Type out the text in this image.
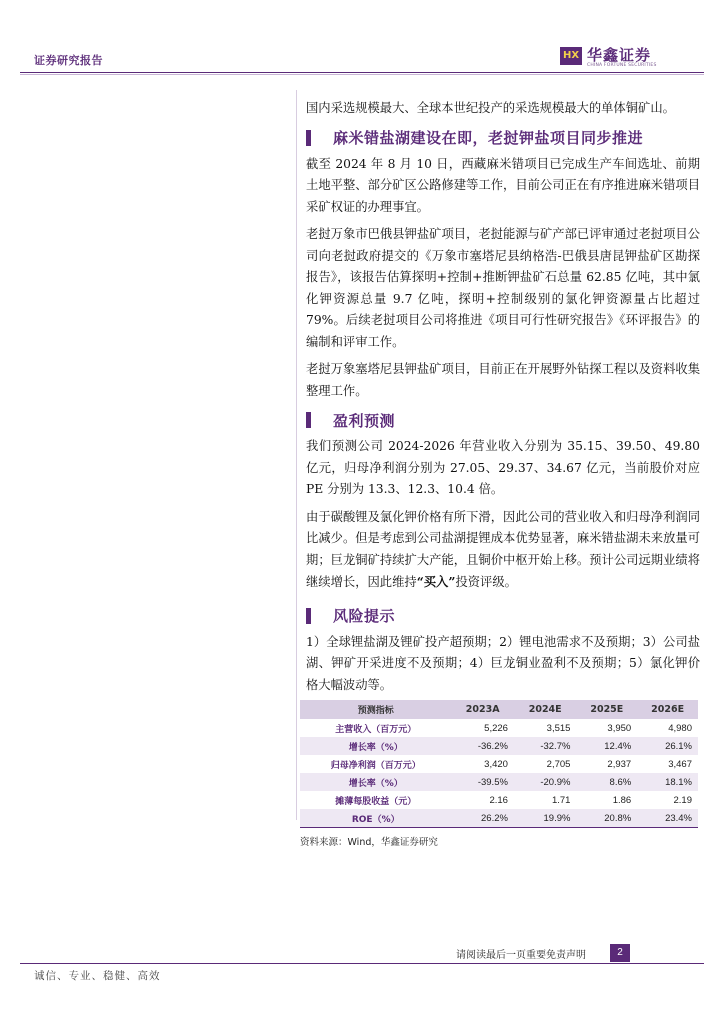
证券研究报告	HX 华鑫证券
CHINA FORTUNE SECURITIES

国内采选规模最大、全球本世纪投产的采选规模最大的单体铜矿山。

麻米错盐湖建设在即，老挝钾盐项目同步推进

截至 2024 年 8 月 10 日，西藏麻米错项目已完成生产车间选址、前期土地平整、部分矿区公路修建等工作，目前公司正在有序推进麻米错项目采矿权证的办理事宜。

老挝万象市巴俄县钾盐矿项目，老挝能源与矿产部已评审通过老挝项目公司向老挝政府提交的《万象市塞塔尼县纳格浩-巴俄县唐昆钾盐矿区勘探报告》，该报告估算探明+控制+推断钾盐矿石总量 62.85 亿吨，其中氯化钾资源总量 9.7 亿吨，探明+控制级别的氯化钾资源量占比超过 79%。后续老挝项目公司将推进《项目可行性研究报告》《环评报告》的编制和评审工作。

老挝万象塞塔尼县钾盐矿项目，目前正在开展野外钻探工程以及资料收集整理工作。

盈利预测

我们预测公司 2024-2026 年营业收入分别为 35.15、39.50、49.80 亿元，归母净利润分别为 27.05、29.37、34.67 亿元，当前股价对应 PE 分别为 13.3、12.3、10.4 倍。

由于碳酸锂及氯化钾价格有所下滑，因此公司的营业收入和归母净利润同比减少。但是考虑到公司盐湖提锂成本优势显著，麻米错盐湖未来放量可期；巨龙铜矿持续扩大产能，且铜价中枢开始上移。预计公司远期业绩将继续增长，因此维持“买入”投资评级。

风险提示

1）全球锂盐湖及锂矿投产超预期；2）锂电池需求不及预期；3）公司盐湖、钾矿开采进度不及预期；4）巨龙铜业盈利不及预期；5）氯化钾价格大幅波动等。

预测指标	2023A	2024E	2025E	2026E
主营收入（百万元）	5,226	3,515	3,950	4,980
增长率（%）	-36.2%	-32.7%	12.4%	26.1%
归母净利润（百万元）	3,420	2,705	2,937	3,467
增长率（%）	-39.5%	-20.9%	8.6%	18.1%
摊薄每股收益（元）	2.16	1.71	1.86	2.19
ROE（%）	26.2%	19.9%	20.8%	23.4%
资料来源：Wind，华鑫证券研究
请阅读最后一页重要免责声明	2
诚信、专业、稳健、高效
